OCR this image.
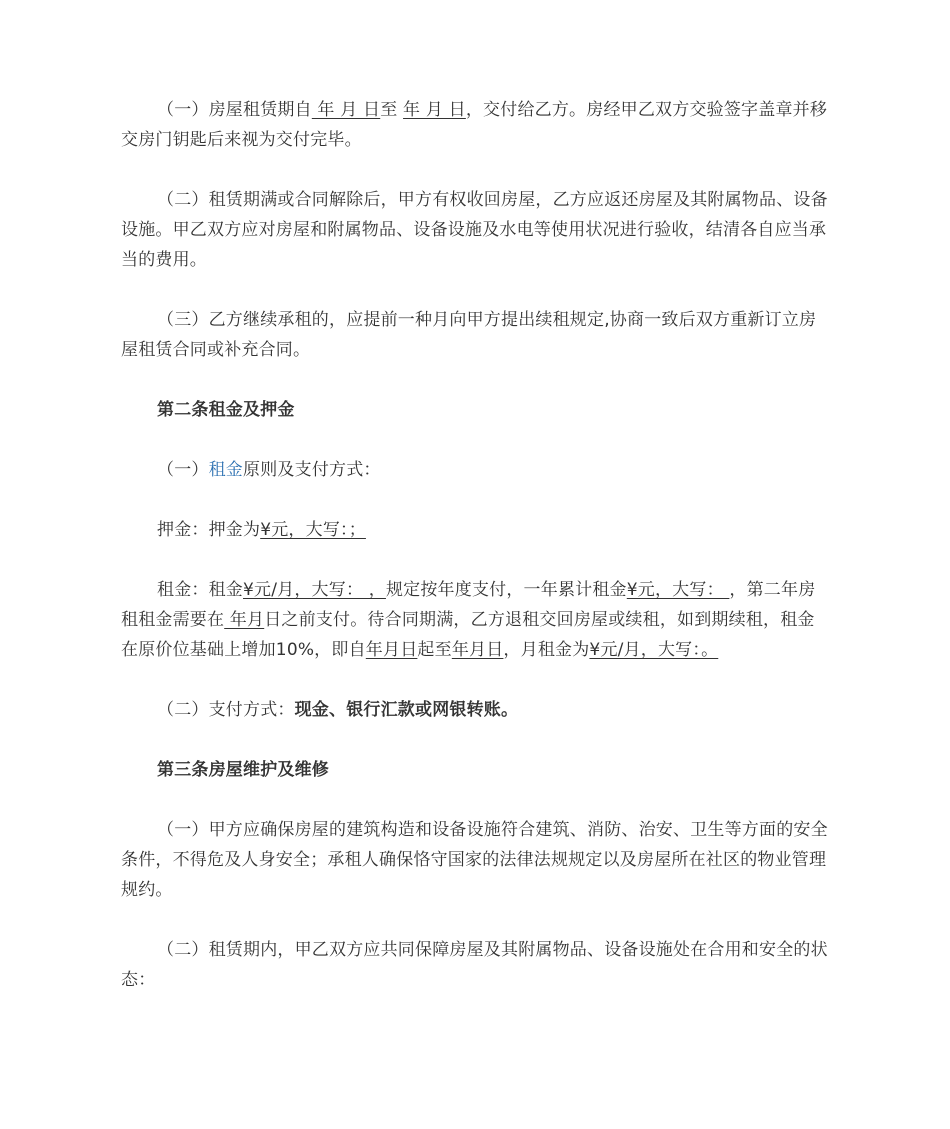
（一）房屋租赁期自 年 月 日至 年 月 日，交付给乙方。房经甲乙双方交验签字盖章并移交房门钥匙后来视为交付完毕。

（二）租赁期满或合同解除后，甲方有权收回房屋，乙方应返还房屋及其附属物品、设备设施。甲乙双方应对房屋和附属物品、设备设施及水电等使用状况进行验收，结清各自应当承当的费用。

（三）乙方继续承租的，应提前一种月向甲方提出续租规定,协商一致后双方重新订立房屋租赁合同或补充合同。

第二条租金及押金

（一）租金原则及支付方式：

押金：押金为¥元，大写：；

租金：租金¥元/月，大写： ，规定按年度支付，一年累计租金¥元，大写： ，第二年房租租金需要在 年月日之前支付。待合同期满，乙方退租交回房屋或续租，如到期续租，租金在原价位基础上增加10%，即自年月日起至年月日，月租金为¥元/月，大写：。

（二）支付方式：现金、银行汇款或网银转账。

第三条房屋维护及维修

（一）甲方应确保房屋的建筑构造和设备设施符合建筑、消防、治安、卫生等方面的安全条件，不得危及人身安全；承租人确保恪守国家的法律法规规定以及房屋所在社区的物业管理规约。

（二）租赁期内，甲乙双方应共同保障房屋及其附属物品、设备设施处在合用和安全的状态：
